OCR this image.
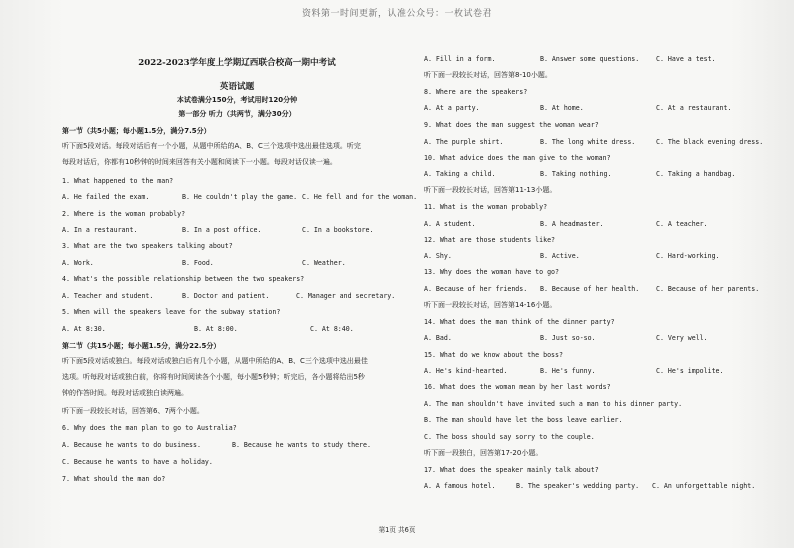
资料第一时间更新，认准公众号：一枚试卷君
2022-2023学年度上学期辽西联合校高一期中考试
英语试题
本试卷满分150分，考试用时120分钟
第一部分 听力（共两节，满分30分）
第一节（共5小题；每小题1.5分，满分7.5分）
听下面5段对话。每段对话后有一个小题，从题中所给的A、B、C三个选项中选出最佳选项。听完
每段对话后，你都有10秒钟的时间来回答有关小题和阅读下一小题。每段对话仅读一遍。
1. What happened to the man?
A. He failed the exam.	B. He couldn't play the game. C. He fell and for the woman.
2. Where is the woman probably?
A. In a restaurant.	B. In a post office.	C. In a bookstore.
3. What are the two speakers talking about?
A. Work.	B. Food.	C. Weather.
4. What's the possible relationship between the two speakers?
A. Teacher and student.	B. Doctor and patient.	C. Manager and secretary.
5. When will the speakers leave for the subway station?
A. At 8:30.	B. At 8:00.	C. At 8:40.
第二节（共15小题；每小题1.5分，满分22.5分）
听下面5段对话或独白。每段对话或独白后有几个小题，从题中所给的A、B、C三个选项中选出最佳
选项。听每段对话或独白前，你将有时间阅读各个小题，每小题5秒钟；听完后，各小题将给出5秒
钟的作答时间。每段对话或独白读两遍。
听下面一段较长对话，回答第6、7两个小题。
6. Why does the man plan to go to Australia?
A. Because he wants to do business.	B. Because he wants to study there.
C. Because he wants to have a holiday.
7. What should the man do?
A. Fill in a form.	B. Answer some questions.	C. Have a test.
听下面一段较长对话，回答第8-10小题。
8. Where are the speakers?
A. At a party.	B. At home.	C. At a restaurant.
9. What does the man suggest the woman wear?
A. The purple shirt.	B. The long white dress.	C. The black evening dress.
10. What advice does the man give to the woman?
A. Taking a child.	B. Taking nothing.	C. Taking a handbag.
听下面一段较长对话，回答第11-13小题。
11. What is the woman probably?
A. A student.	B. A headmaster.	C. A teacher.
12. What are those students like?
A. Shy.	B. Active.	C. Hard-working.
13. Why does the woman have to go?
A. Because of her friends. B. Because of her health.	C. Because of her parents.
听下面一段较长对话，回答第14-16小题。
14. What does the man think of the dinner party?
A. Bad.	B. Just so-so.	C. Very well.
15. What do we know about the boss?
A. He's kind-hearted.	B. He's funny.	C. He's impolite.
16. What does the woman mean by her last words?
A. The man shouldn't have invited such a man to his dinner party.
B. The man should have let the boss leave earlier.
C. The boss should say sorry to the couple.
听下面一段独白，回答第17-20小题。
17. What does the speaker mainly talk about?
A. A famous hotel.	B. The speaker's wedding party. C. An unforgettable night.
第1页 共6页
